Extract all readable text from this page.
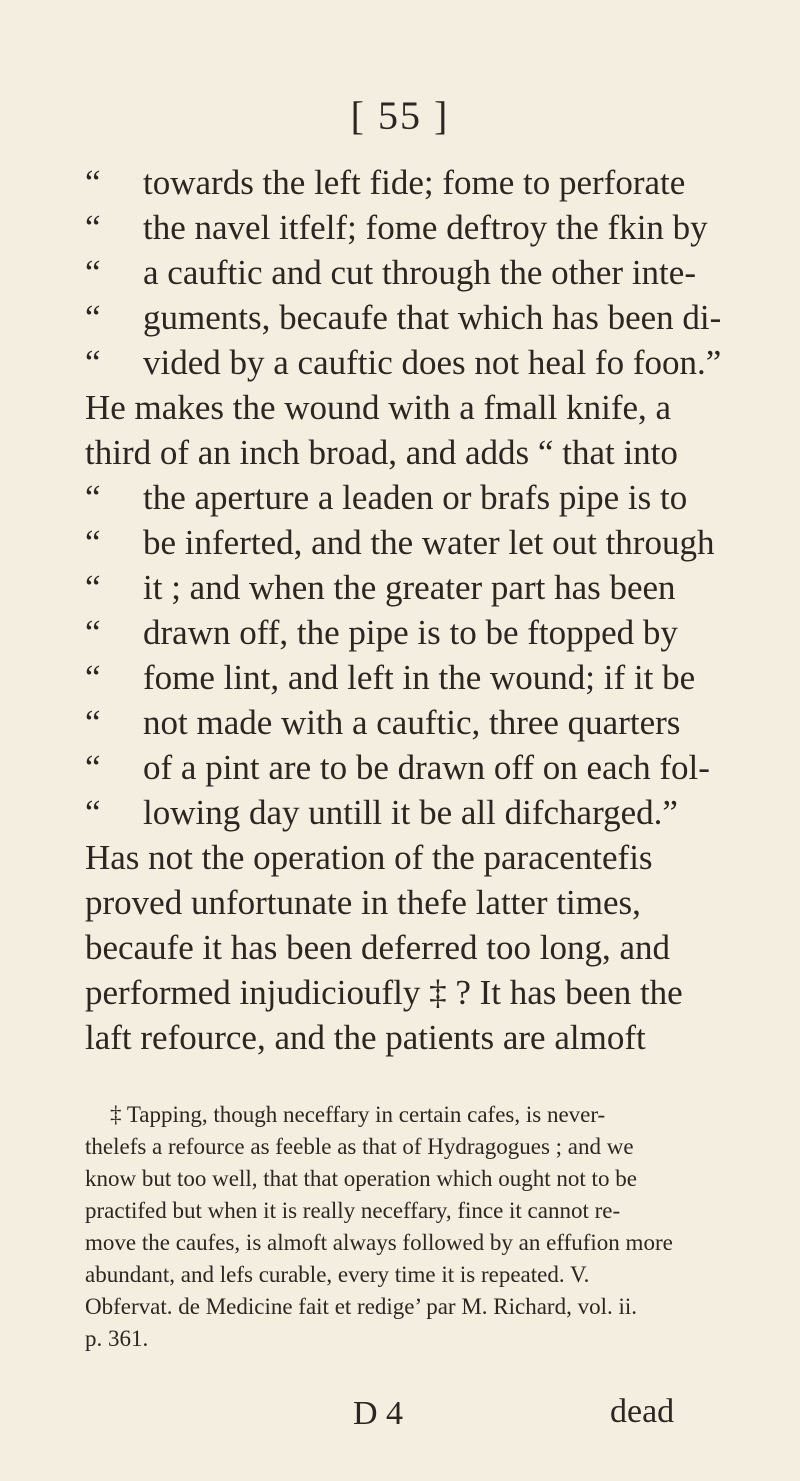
[ 55 ]
“ towards the left fide; fome to perforate
“ the navel itfelf; fome deftroy the fkin by
“ a cauftic and cut through the other inte-
“ guments, becaufe that which has been di-
“ vided by a cauftic does not heal fo foon.”
He makes the wound with a fmall knife, a
third of an inch broad, and adds “ that into
“ the aperture a leaden or brafs pipe is to
“ be inferted, and the water let out through
“ it ; and when the greater part has been
“ drawn off, the pipe is to be ftopped by
“ fome lint, and left in the wound; if it be
“ not made with a cauftic, three quarters
“ of a pint are to be drawn off on each fol-
“ lowing day untill it be all difcharged.”
Has not the operation of the paracentefis
proved unfortunate in thefe latter times,
becaufe it has been deferred too long, and
performed injudicioufly ‡ ? It has been the
laft refource, and the patients are almoft
‡ Tapping, though neceffary in certain cafes, is never-
thelefs a refource as feeble as that of Hydragogues ; and we
know but too well, that that operation which ought not to be
practifed but when it is really neceffary, fince it cannot re-
move the caufes, is almoft always followed by an effufion more
abundant, and lefs curable, every time it is repeated. V.
Obfervat. de Medicine fait et redige’ par M. Richard, vol. ii.
p. 361.
D 4	dead
